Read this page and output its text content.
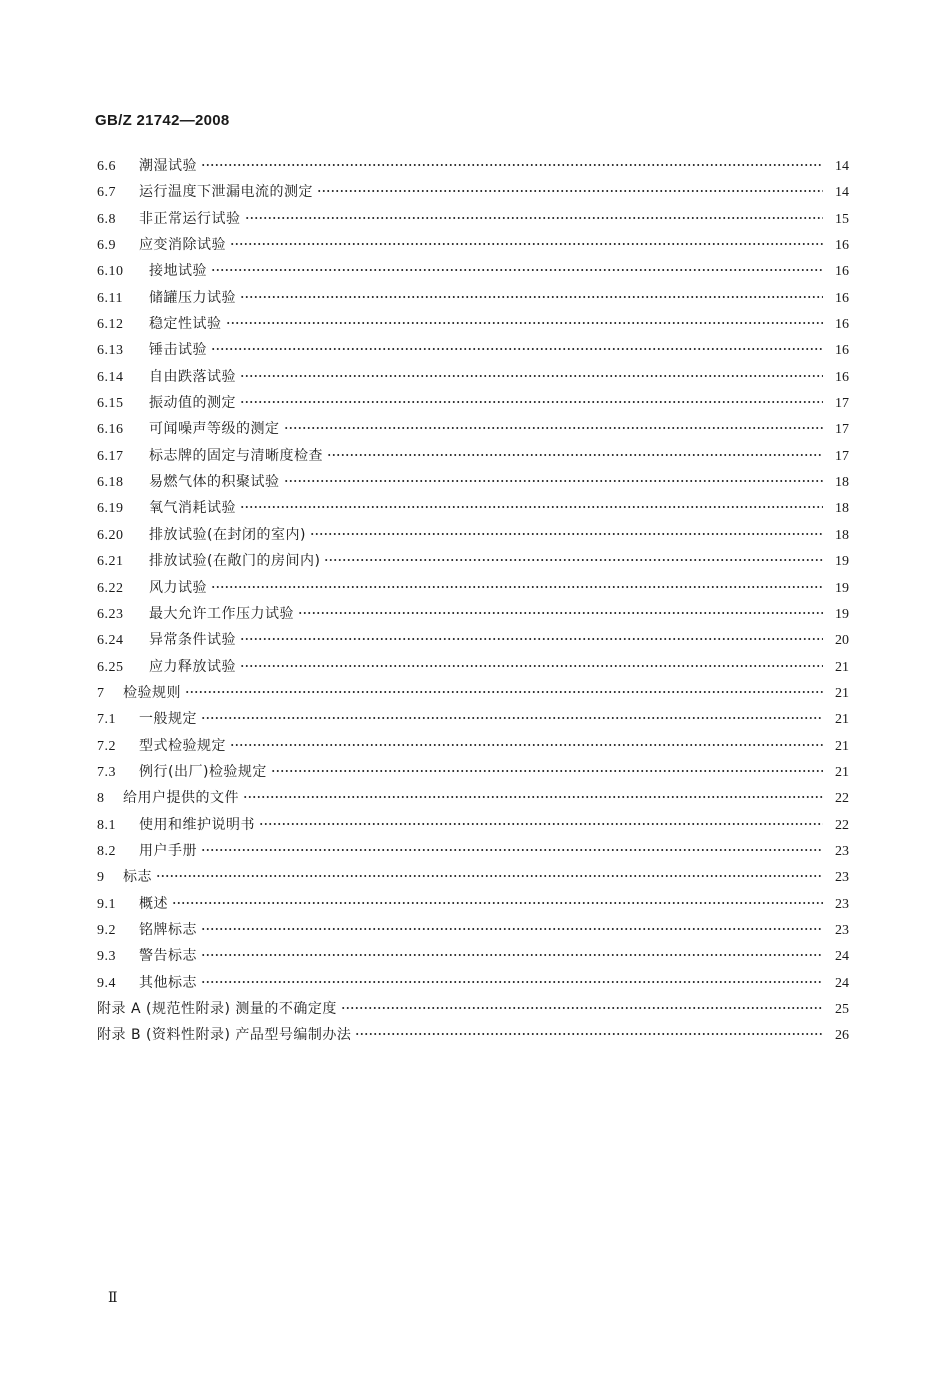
GB/Z 21742—2008
6.6	潮湿试验	14
6.7	运行温度下泄漏电流的测定	14
6.8	非正常运行试验	15
6.9	应变消除试验	16
6.10	接地试验	16
6.11	储罐压力试验	16
6.12	稳定性试验	16
6.13	锤击试验	16
6.14	自由跌落试验	16
6.15	振动值的测定	17
6.16	可闻噪声等级的测定	17
6.17	标志牌的固定与清晰度检查	17
6.18	易燃气体的积聚试验	18
6.19	氧气消耗试验	18
6.20	排放试验(在封闭的室内)	18
6.21	排放试验(在敞门的房间内)	19
6.22	风力试验	19
6.23	最大允许工作压力试验	19
6.24	异常条件试验	20
6.25	应力释放试验	21
7	检验规则	21
7.1	一般规定	21
7.2	型式检验规定	21
7.3	例行(出厂)检验规定	21
8	给用户提供的文件	22
8.1	使用和维护说明书	22
8.2	用户手册	23
9	标志	23
9.1	概述	23
9.2	铭牌标志	23
9.3	警告标志	24
9.4	其他标志	24
附录 A (规范性附录) 测量的不确定度	25
附录 B (资料性附录) 产品型号编制办法	26
Ⅱ
